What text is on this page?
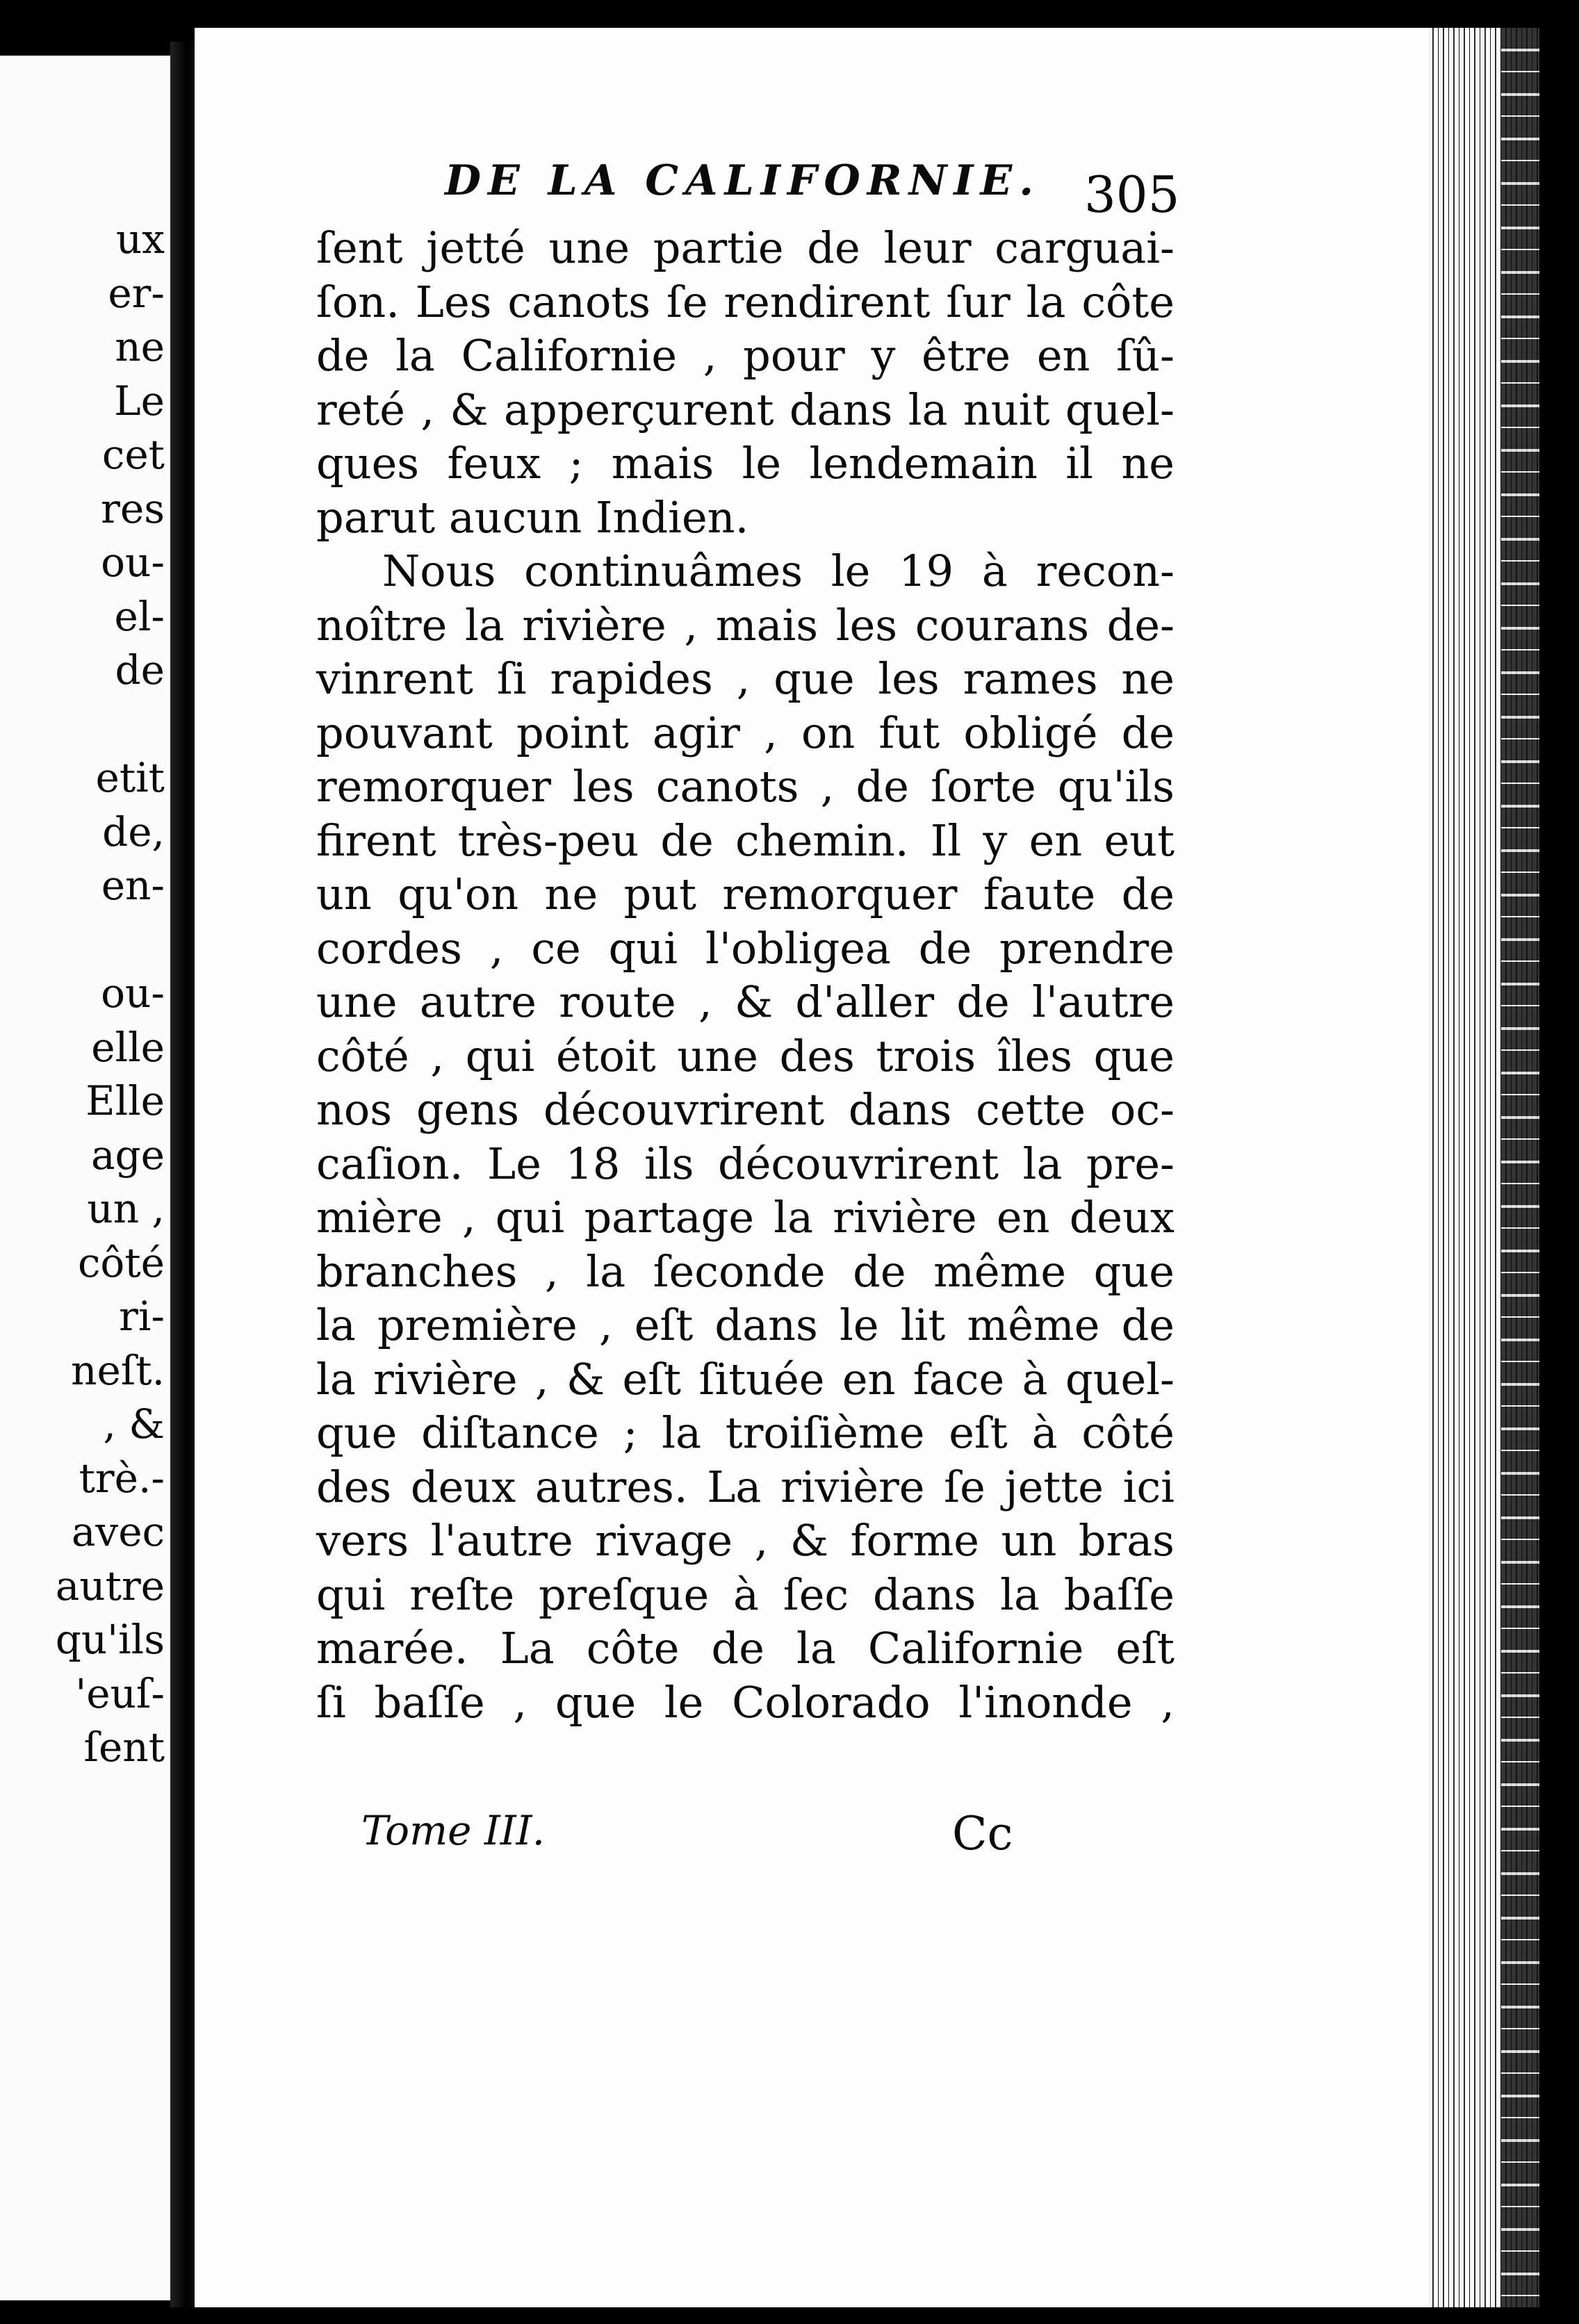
ux
er-
ne
Le
cet
res
ou-
el-
de
etit
de,
en-
ou-
elle
Elle
age
un ,
côté
ri-
neſt.
, &
trè.-
avec
autre
qu'ils
'euſ-
ſent
DE LA CALIFORNIE. 305
ſent jetté une partie de leur carguai-
ſon. Les canots ſe rendirent ſur la côte
de la Californie , pour y être en ſû-
reté , & apperçurent dans la nuit quel-
ques feux ; mais le lendemain il ne
parut aucun Indien.
Nous continuâmes le 19 à recon-
noître la rivière , mais les courans de-
vinrent ſi rapides , que les rames ne
pouvant point agir , on fut obligé de
remorquer les canots , de ſorte qu'ils
firent très-peu de chemin. Il y en eut
un qu'on ne put remorquer faute de
cordes , ce qui l'obligea de prendre
une autre route , & d'aller de l'autre
côté , qui étoit une des trois îles que
nos gens découvrirent dans cette oc-
caſion. Le 18 ils découvrirent la pre-
mière , qui partage la rivière en deux
branches , la ſeconde de même que
la première , eſt dans le lit même de
la rivière , & eſt ſituée en face à quel-
que diſtance ; la troiſième eſt à côté
des deux autres. La rivière ſe jette ici
vers l'autre rivage , & forme un bras
qui reſte preſque à ſec dans la baſſe
marée. La côte de la Californie eſt
ſi baſſe , que le Colorado l'inonde ,
Tome III.	Cc
